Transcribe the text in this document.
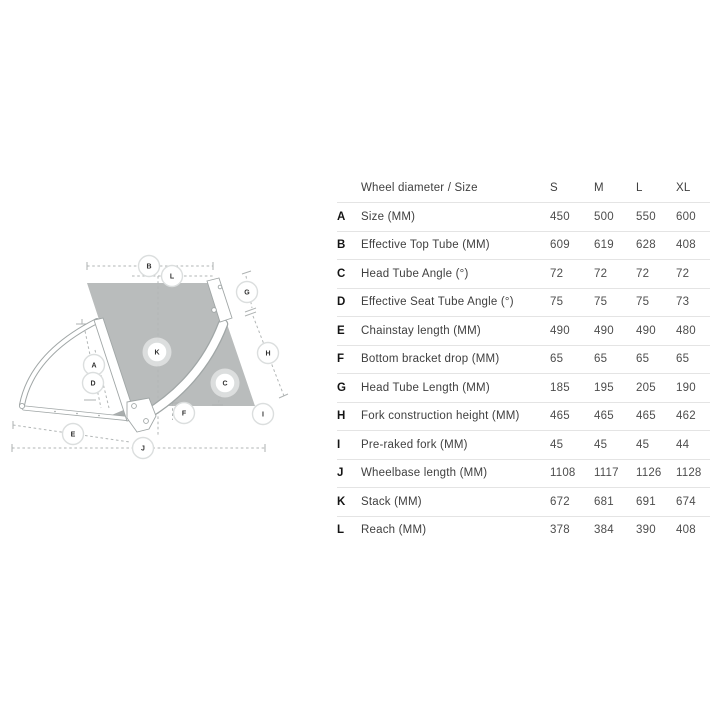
B
L
G
K	H
A
D	C
F	I
E
J
Wheel diameter / Size	S	M	L	XL
A	Size (MM)	450	500	550	600
B	Effective Top Tube (MM)	609	619	628	408
C	Head Tube Angle (°)	72	72	72	72
D	Effective Seat Tube Angle (°)	75	75	75	73
E	Chainstay length (MM)	490	490	490	480
F	Bottom bracket drop (MM)	65	65	65	65
G	Head Tube Length (MM)	185	195	205	190
H	Fork construction height (MM)	465	465	465	462
I	Pre-raked fork (MM)	45	45	45	44
J	Wheelbase length (MM)	1108	1117	1126	1128
K	Stack (MM)	672	681	691	674
L	Reach (MM)	378	384	390	408
